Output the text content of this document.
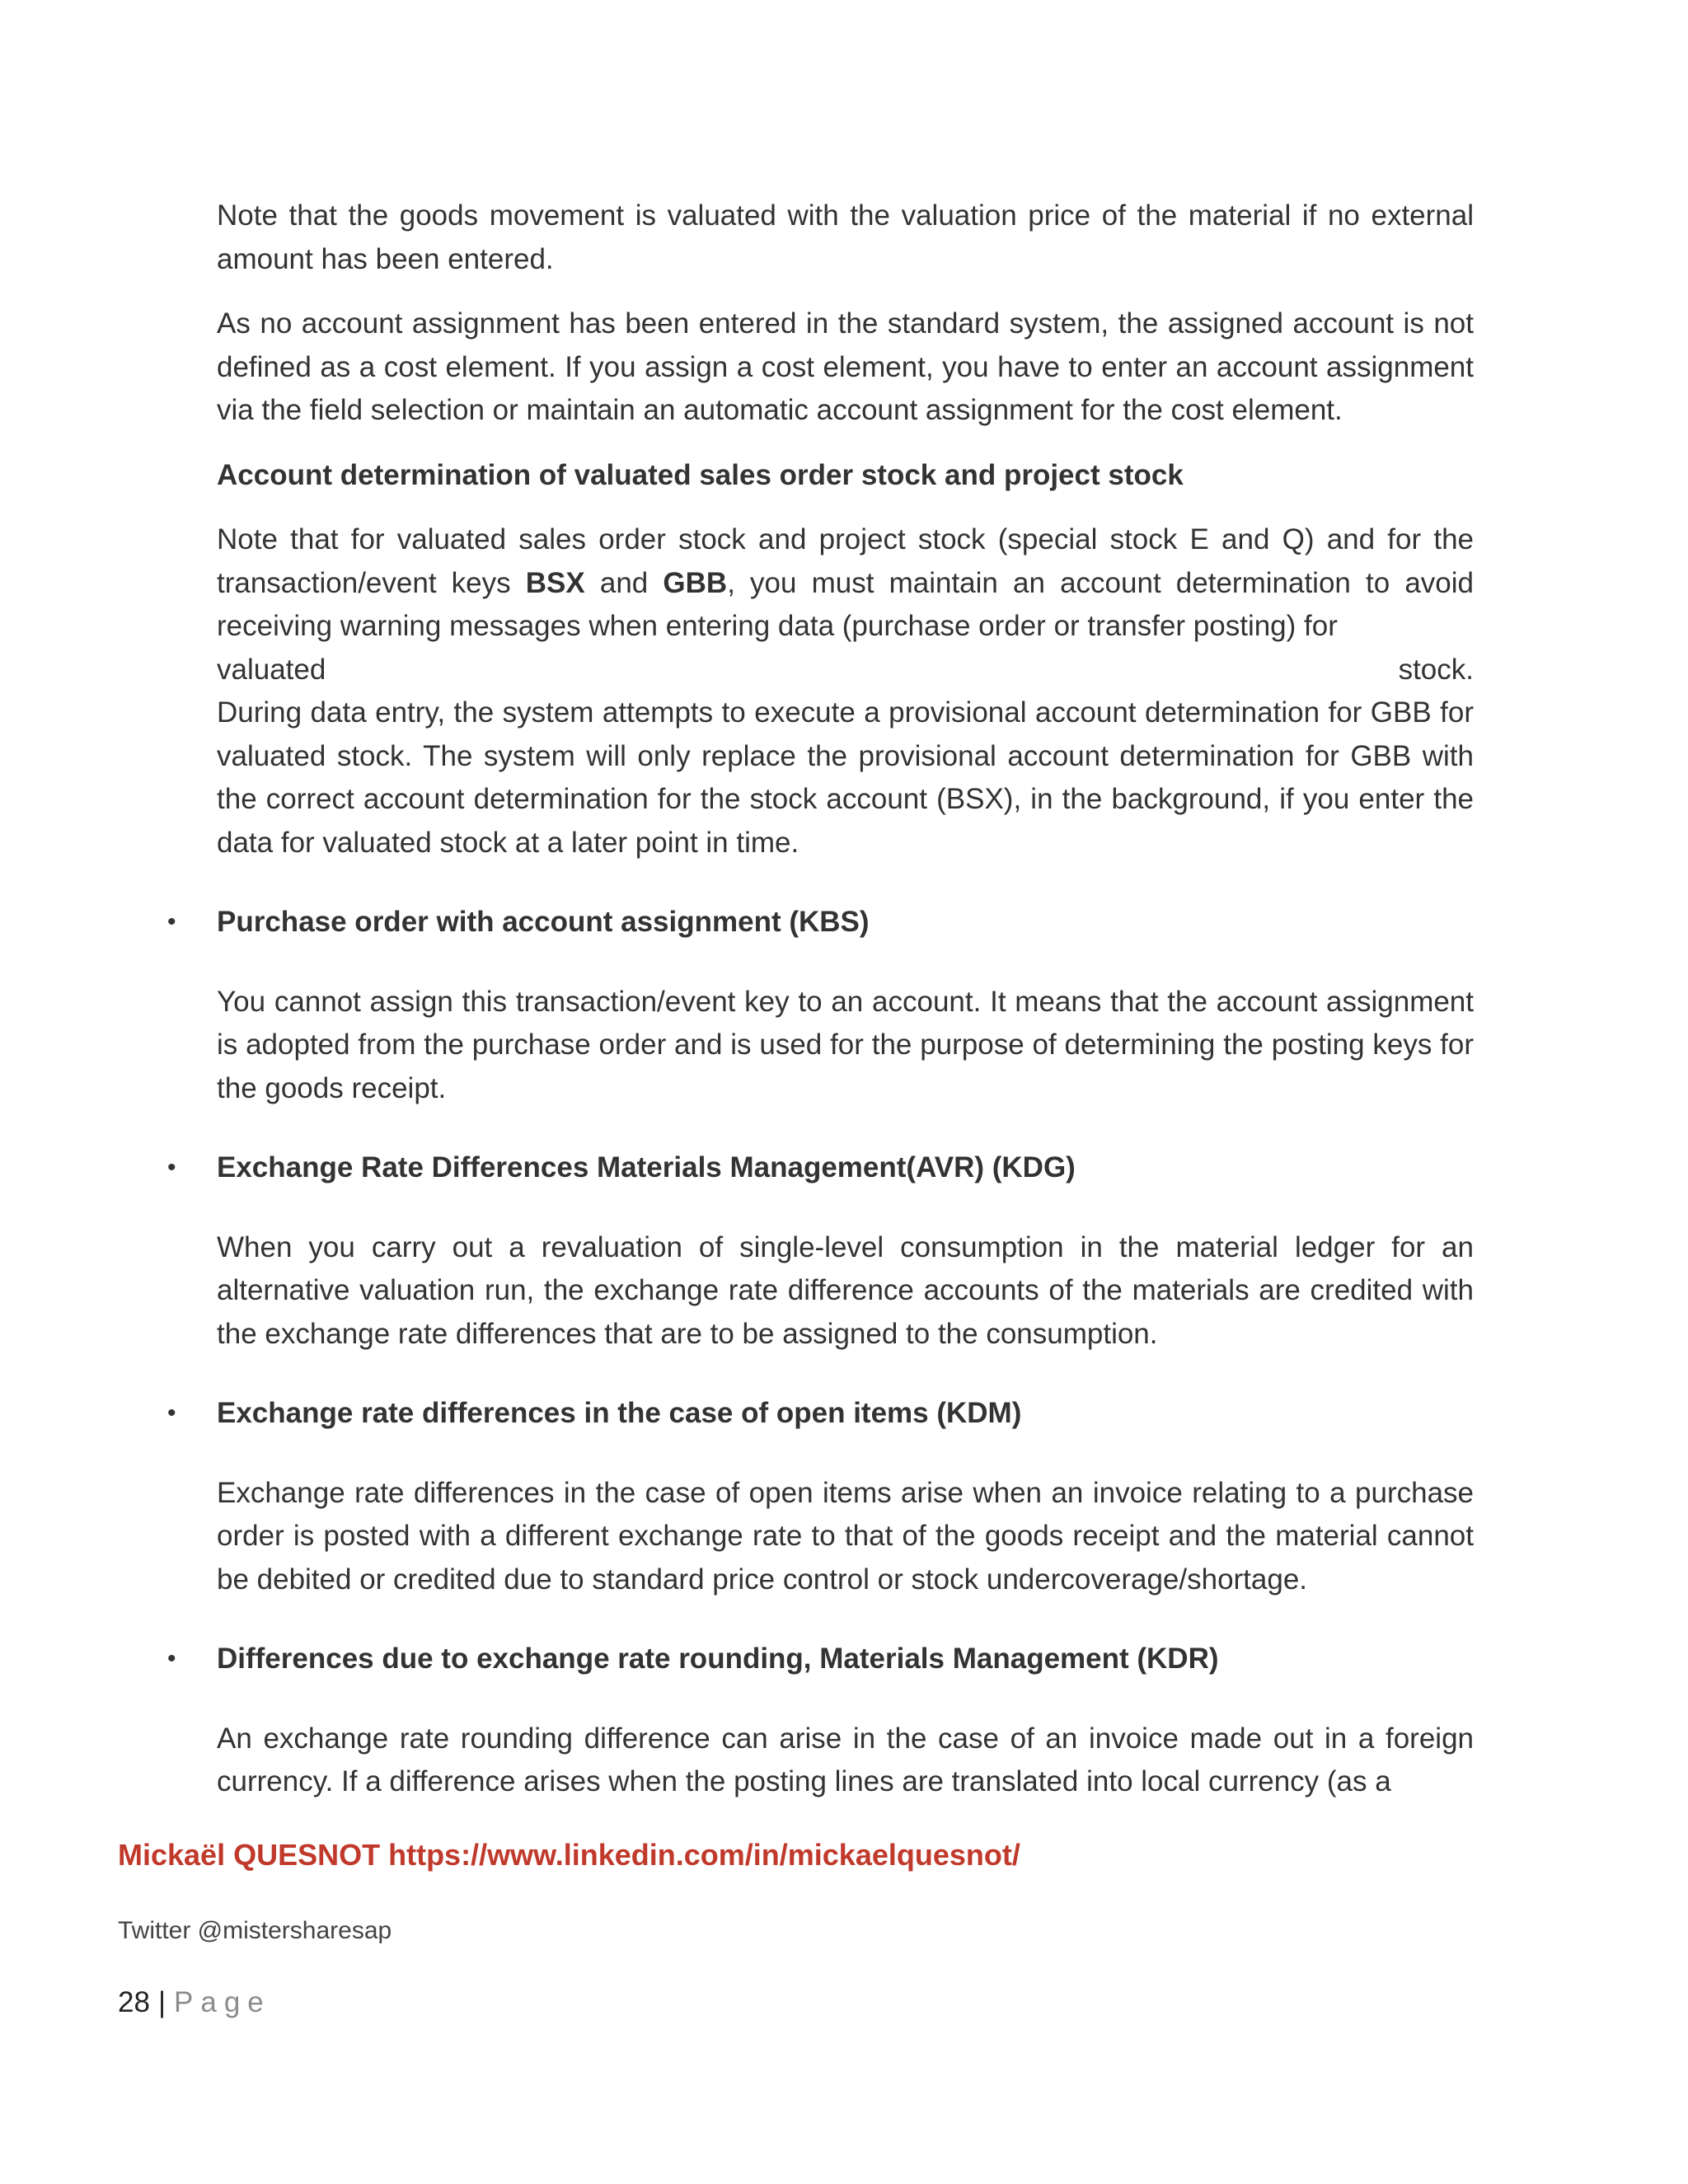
Note that the goods movement is valuated with the valuation price of the material if no external amount has been entered.

As no account assignment has been entered in the standard system, the assigned account is not defined as a cost element. If you assign a cost element, you have to enter an account assignment via the field selection or maintain an automatic account assignment for the cost element.

Account determination of valuated sales order stock and project stock

Note that for valuated sales order stock and project stock (special stock E and Q) and for the transaction/event keys BSX and GBB, you must maintain an account determination to avoid receiving warning messages when entering data (purchase order or transfer posting) for
valuated	stock.

During data entry, the system attempts to execute a provisional account determination for GBB for valuated stock. The system will only replace the provisional account determination for GBB with the correct account determination for the stock account (BSX), in the background, if you enter the data for valuated stock at a later point in time.

• Purchase order with account assignment (KBS)

You cannot assign this transaction/event key to an account. It means that the account assignment is adopted from the purchase order and is used for the purpose of determining the posting keys for the goods receipt.

• Exchange Rate Differences Materials Management(AVR) (KDG)

When you carry out a revaluation of single-level consumption in the material ledger for an alternative valuation run, the exchange rate difference accounts of the materials are credited with the exchange rate differences that are to be assigned to the consumption.

• Exchange rate differences in the case of open items (KDM)

Exchange rate differences in the case of open items arise when an invoice relating to a purchase order is posted with a different exchange rate to that of the goods receipt and the material cannot be debited or credited due to standard price control or stock undercoverage/shortage.

• Differences due to exchange rate rounding, Materials Management (KDR)

An exchange rate rounding difference can arise in the case of an invoice made out in a foreign currency. If a difference arises when the posting lines are translated into local currency (as a

Mickaël QUESNOT https://www.linkedin.com/in/mickaelquesnot/
Twitter @mistersharesap
28 | Page
